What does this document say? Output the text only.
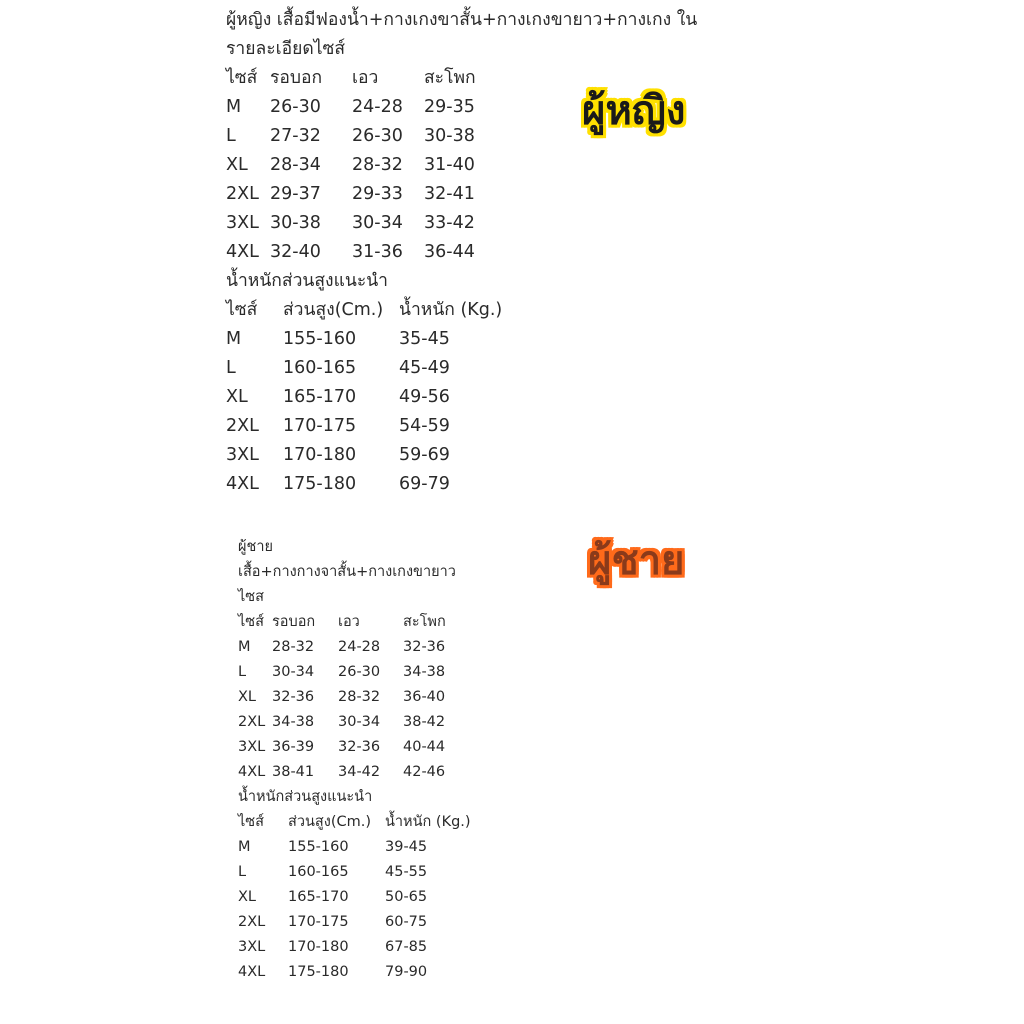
ผู้หญิง เสื้อมีฟองน้ำ+กางเกงขาสั้น+กางเกงขายาว+กางเกง ใน
รายละเอียดไซส์
ไซส์ รอบอก	เอว	สะโพก
M	26-30	24-28	29-35
L	27-32	26-30	30-38
XL	28-34	28-32	31-40
2XL 29-37	29-33	32-41
3XL 30-38	30-34	33-42
4XL 32-40	31-36	36-44
น้ำหนักส่วนสูงแนะนำ
ไซส์	ส่วนสูง(Cm.) น้ำหนัก (Kg.)
M	155-160	35-45
L	160-165	45-49
XL	165-170	49-56
2XL	170-175	54-59
3XL	170-180	59-69
4XL	175-180	69-79
ผู้หญิง
ผู้ชาย
เสื้อ+กางกางจาสั้น+กางเกงขายาว
ไซส
ไซส์ รอบอก	เอว	สะโพก
M	28-32	24-28	32-36
L	30-34	26-30	34-38
XL	32-36	28-32	36-40
2XL 34-38	30-34	38-42
3XL 36-39	32-36	40-44
4XL 38-41	34-42	42-46
น้ำหนักส่วนสูงแนะนำ
ไซส์	ส่วนสูง(Cm.) น้ำหนัก (Kg.)
M	155-160	39-45
L	160-165	45-55
XL	165-170	50-65
2XL	170-175	60-75
3XL	170-180	67-85
4XL	175-180	79-90
ผู้ชาย
